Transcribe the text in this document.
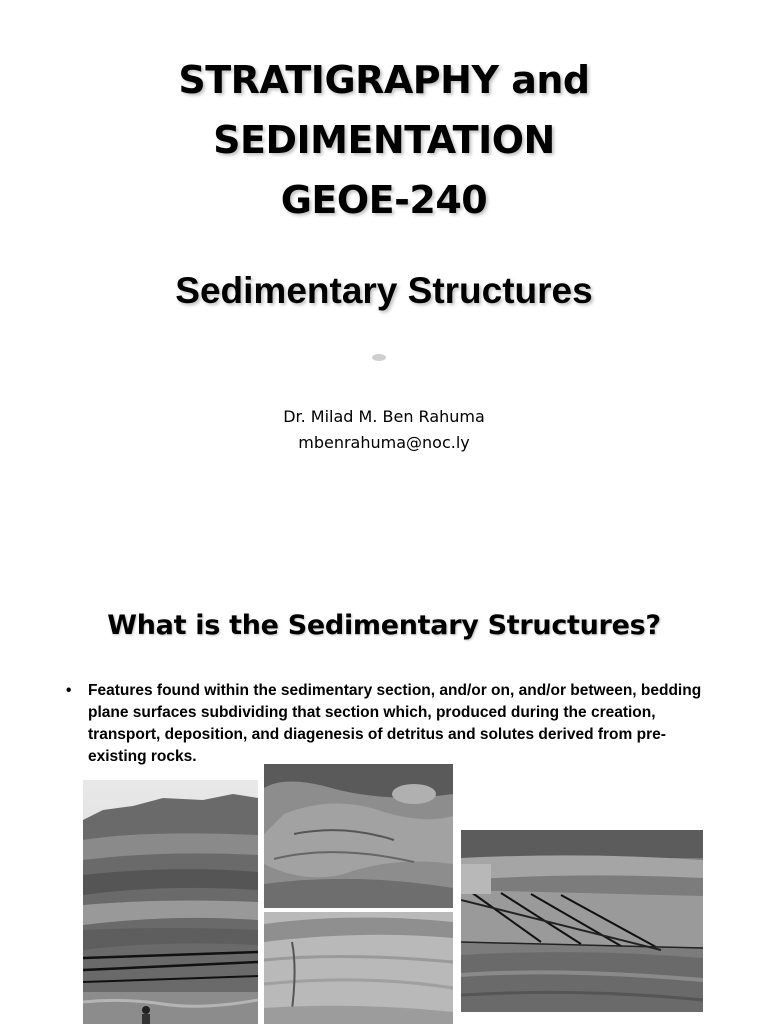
STRATIGRAPHY and
SEDIMENTATION
GEOE-240
Sedimentary Structures
Dr. Milad M. Ben Rahuma
mbenrahuma@noc.ly
What is the Sedimentary Structures?
• Features found within the sedimentary section, and/or on, and/or between, bedding plane surfaces subdividing that section which, produced during the creation, transport, deposition, and diagenesis of detritus and solutes derived from pre-existing rocks.
